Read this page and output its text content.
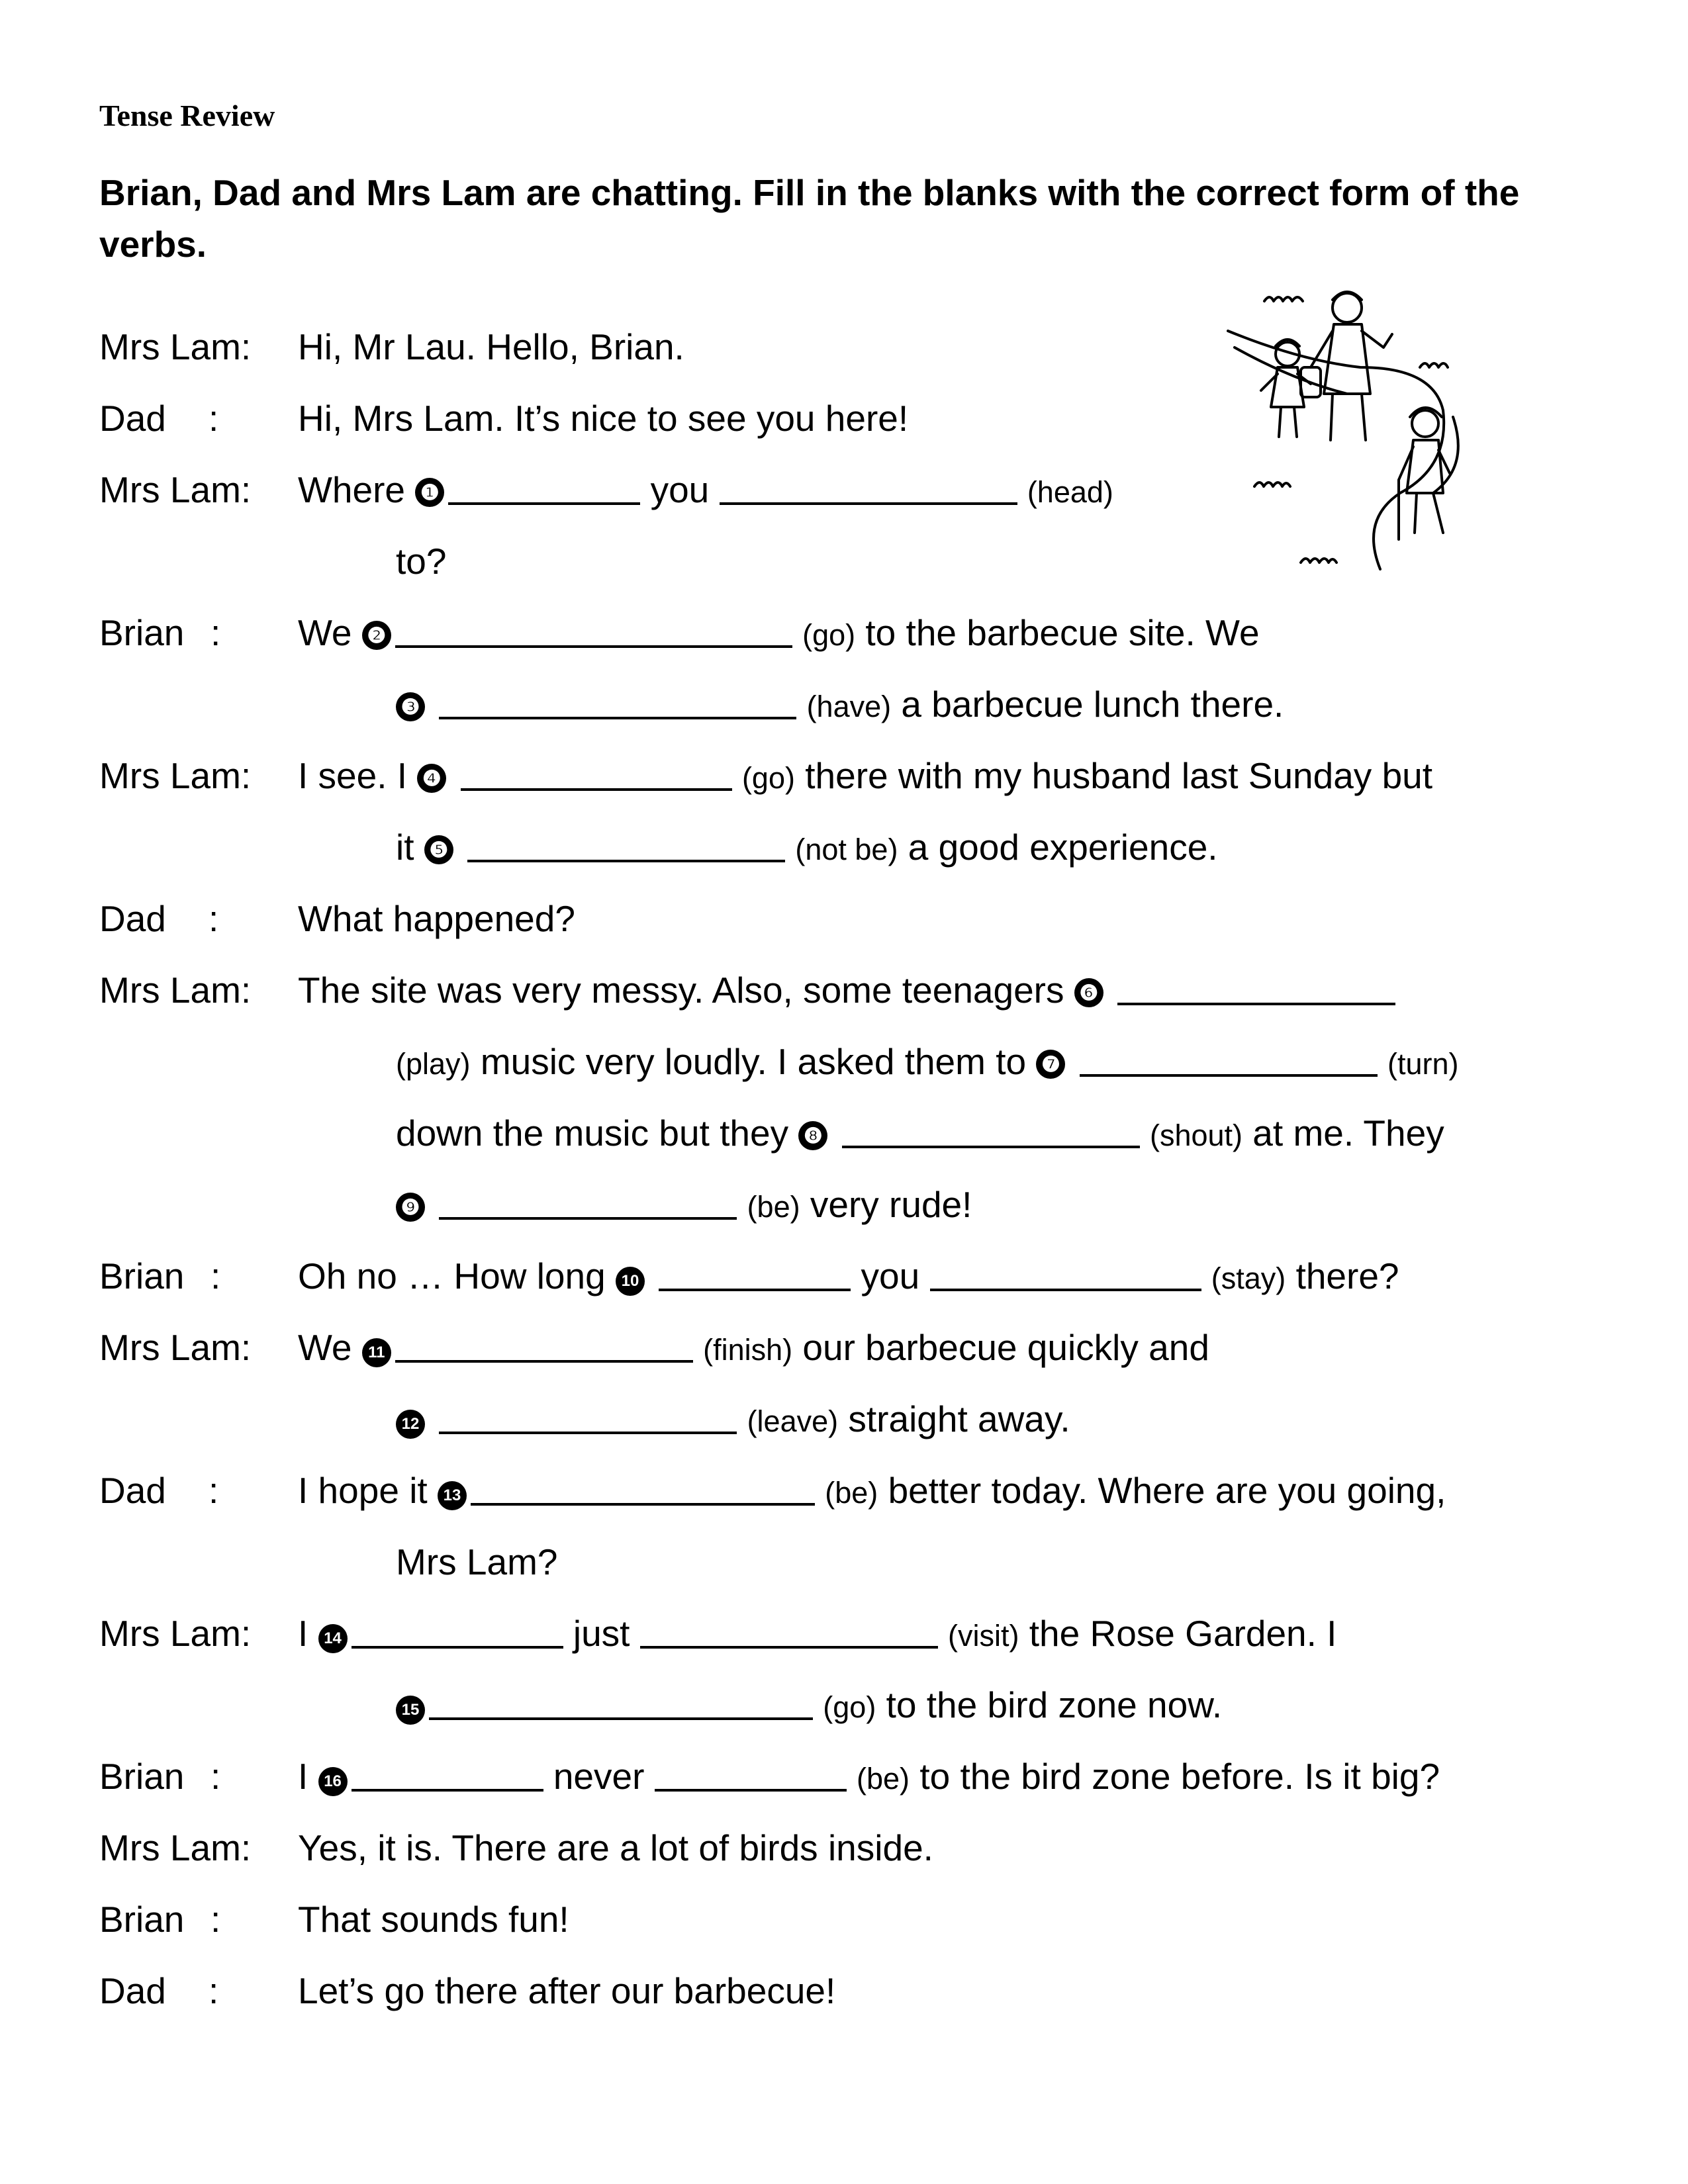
Tense Review
Brian, Dad and Mrs Lam are chatting. Fill in the blanks with the correct form of the verbs.
Mrs Lam: Hi, Mr Lau. Hello, Brian.
Dad : Hi, Mrs Lam. It’s nice to see you here!
Mrs Lam: Where ❶	you	(head)
to?
Brian : We ❷	(go) to the barbecue site. We
❸	(have) a barbecue lunch there.
Mrs Lam: I see. I ❹	(go) there with my husband last Sunday but
it ❺	(not be) a good experience.
Dad : What happened?
Mrs Lam: The site was very messy. Also, some teenagers ❻
(play) music very loudly. I asked them to ❼	(turn)
down the music but they ❽	(shout) at me. They
❾	(be) very rude!
Brian : Oh no … How long 10	you	(stay) there?
Mrs Lam: We 11	(finish) our barbecue quickly and
12	(leave) straight away.
Dad : I hope it 13	(be) better today. Where are you going,
Mrs Lam?
Mrs Lam: I 14	just	(visit) the Rose Garden. I
15	(go) to the bird zone now.
Brian : I 16	never	(be) to the bird zone before. Is it big?
Mrs Lam: Yes, it is. There are a lot of birds inside.
Brian : That sounds fun!
Dad : Let’s go there after our barbecue!
